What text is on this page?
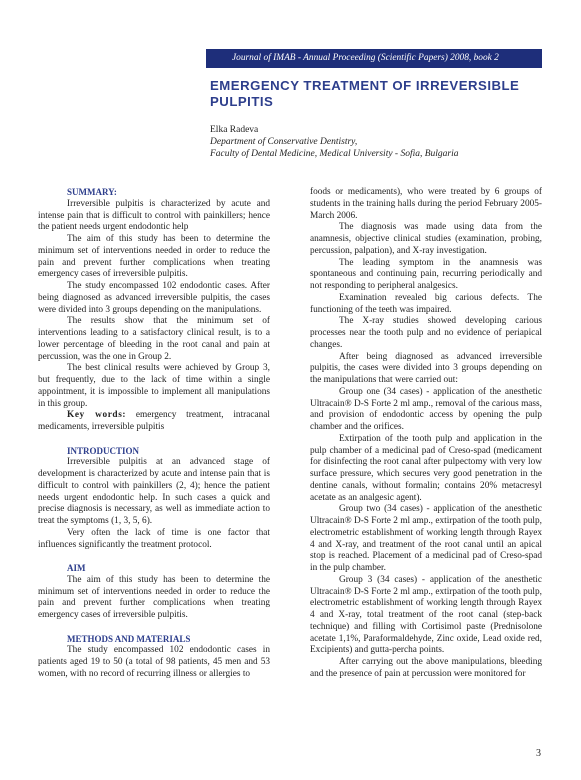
Journal of IMAB - Annual Proceeding (Scientific Papers) 2008, book 2
EMERGENCY TREATMENT OF IRREVERSIBLE
PULPITIS
Elka Radeva
Department of Conservative Dentistry,
Faculty of Dental Medicine, Medical University - Sofia, Bulgaria
SUMMARY:

Irreversible pulpitis is characterized by acute and intense pain that is difficult to control with painkillers; hence the patient needs urgent endodontic help

The aim of this study has been to determine the minimum set of interventions needed in order to reduce the pain and prevent further complications when treating emergency cases of irreversible pulpitis.

The study encompassed 102 endodontic cases. After being diagnosed as advanced irreversible pulpitis, the cases were divided into 3 groups depending on the manipulations.

The results show that the minimum set of interventions leading to a satisfactory clinical result, is to a lower percentage of bleeding in the root canal and pain at percussion, was the one in Group 2.

The best clinical results were achieved by Group 3, but frequently, due to the lack of time within a single appointment, it is impossible to implement all manipulations in this group.

Key words: emergency treatment, intracanal medicaments, irreversible pulpitis

INTRODUCTION

Irreversible pulpitis at an advanced stage of development is characterized by acute and intense pain that is difficult to control with painkillers (2, 4); hence the patient needs urgent endodontic help. In such cases a quick and precise diagnosis is necessary, as well as immediate action to treat the symptoms (1, 3, 5, 6).

Very often the lack of time is one factor that influences significantly the treatment protocol.

AIM

The aim of this study has been to determine the minimum set of interventions needed in order to reduce the pain and prevent further complications when treating emergency cases of irreversible pulpitis.

METHODS AND MATERIALS

The study encompassed 102 endodontic cases in patients aged 19 to 50 (a total of 98 patients, 45 men and 53 women, with no record of recurring illness or allergies to

foods or medicaments), who were treated by 6 groups of students in the training halls during the period February 2005-March 2006.

The diagnosis was made using data from the anamnesis, objective clinical studies (examination, probing, percussion, palpation), and X-ray investigation.

The leading symptom in the anamnesis was spontaneous and continuing pain, recurring periodically and not responding to peripheral analgesics.

Examination revealed big carious defects. The functioning of the teeth was impaired.

The X-ray studies showed developing carious processes near the tooth pulp and no evidence of periapical changes.

After being diagnosed as advanced irreversible pulpitis, the cases were divided into 3 groups depending on the manipulations that were carried out:

Group one (34 cases) - application of the anesthetic Ultracain® D-S Forte 2 ml amp., removal of the carious mass, and provision of endodontic access by opening the pulp chamber and the orifices.

Extirpation of the tooth pulp and application in the pulp chamber of a medicinal pad of Creso-spad (medicament for disinfecting the root canal after pulpectomy with very low surface pressure, which secures very good penetration in the dentine canals, without formalin; contains 20% metacresyl acetate as an analgesic agent).

Group two (34 cases) - application of the anesthetic Ultracain® D-S Forte 2 ml amp., extirpation of the tooth pulp, electrometric establishment of working length through Rayex 4 and X-ray, and treatment of the root canal until an apical stop is reached. Placement of a medicinal pad of Creso-spad in the pulp chamber.

Group 3 (34 cases) - application of the anesthetic Ultracain® D-S Forte 2 ml amp., extirpation of the tooth pulp, electrometric establishment of working length through Rayex 4 and X-ray, total treatment of the root canal (step-back technique) and filling with Cortisimol paste (Prednisolone acetate 1,1%, Paraformaldehyde, Zinc oxide, Lead oxide red, Excipients) and gutta-percha points.

After carrying out the above manipulations, bleeding and the presence of pain at percussion were monitored for

3
